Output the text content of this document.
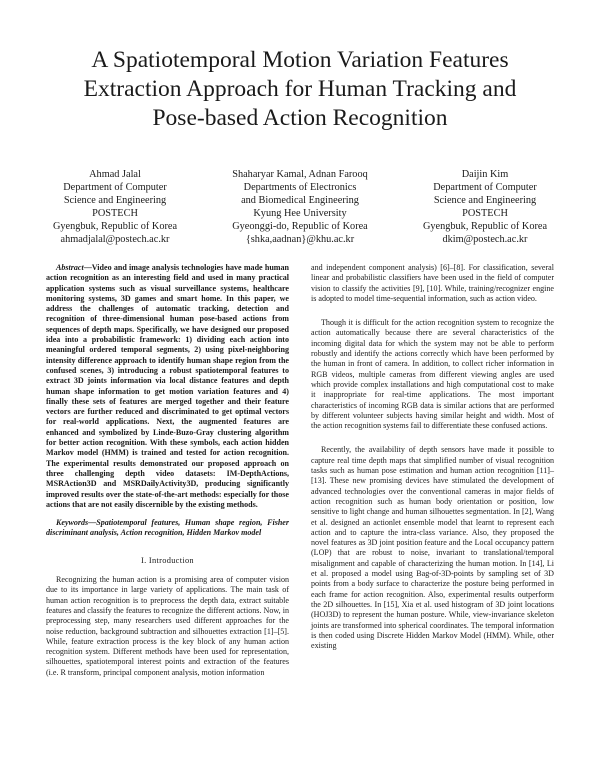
A Spatiotemporal Motion Variation Features
Extraction Approach for Human Tracking and
Pose-based Action Recognition
Ahmad Jalal
Department of Computer
Science and Engineering
POSTECH
Gyengbuk, Republic of Korea
ahmadjalal@postech.ac.kr
Shaharyar Kamal, Adnan Farooq
Departments of Electronics
and Biomedical Engineering
Kyung Hee University
Gyeonggi-do, Republic of Korea
{shka,aadnan}@khu.ac.kr
Daijin Kim
Department of Computer
Science and Engineering
POSTECH
Gyengbuk, Republic of Korea
dkim@postech.ac.kr

Abstract—Video and image analysis technologies have made human action recognition as an interesting field and used in many practical application systems such as visual surveillance systems, healthcare monitoring systems, 3D games and smart home. In this paper, we address the challenges of automatic tracking, detection and recognition of three-dimensional human pose-based actions from sequences of depth maps. Specifically, we have designed our proposed idea into a probabilistic framework: 1) dividing each action into meaningful ordered temporal segments, 2) using pixel-neighboring intensity difference approach to identify human shape region from the confused scenes, 3) introducing a robust spatiotemporal features to extract 3D joints information via local distance features and depth human shape information to get motion variation features and 4) finally these sets of features are merged together and their feature vectors are further reduced and discriminated to get optimal vectors for real-world applications. Next, the augmented features are enhanced and symbolized by Linde-Buzo-Gray clustering algorithm for better action recognition. With these symbols, each action hidden Markov model (HMM) is trained and tested for action recognition. The experimental results demonstrated our proposed approach on three challenging depth video datasets: IM-DepthActions, MSRAction3D and MSRDailyActivity3D, producing significantly improved results over the state-of-the-art methods: especially for those actions that are not easily discernible by the existing methods.

Keywords—Spatiotemporal features, Human shape region, Fisher discriminant analysis, Action recognition, Hidden Markov model

I. Introduction

Recognizing the human action is a promising area of computer vision due to its importance in large variety of applications. The main task of human action recognition is to preprocess the depth data, extract suitable features and classify the features to recognize the different actions. Now, in preprocessing step, many researchers used different approaches for the noise reduction, background subtraction and silhouettes extraction [1]–[5]. While, feature extraction process is the key block of any human action recognition system. Different methods have been used for representation, silhouettes, spatiotemporal interest points and extraction of the features (i.e. R transform, principal component analysis, motion information

and independent component analysis) [6]–[8]. For classification, several linear and probabilistic classifiers have been used in the field of computer vision to classify the activities [9], [10]. While, training/recognizer engine is adopted to model time-sequential information, such as action video.

Though it is difficult for the action recognition system to recognize the action automatically because there are several characteristics of the incoming digital data for which the system may not be able to perform robustly and identify the actions correctly which have been performed by the human in front of camera. In addition, to collect richer information in RGB videos, multiple cameras from different viewing angles are used which provide complex installations and high computational cost to make it inappropriate for real-time applications. The most important characteristics of incoming RGB data is similar actions that are performed by different volunteer subjects having similar height and width. Most of the action recognition systems fail to differentiate these confused actions.

Recently, the availability of depth sensors have made it possible to capture real time depth maps that simplified number of visual recognition tasks such as human pose estimation and human action recognition [11]–[13]. These new promising devices have stimulated the development of advanced technologies over the conventional cameras in major fields of action recognition such as human body orientation or position, low sensitive to light change and human silhouettes segmentation. In [2], Wang et al. designed an actionlet ensemble model that learnt to represent each action and to capture the intra-class variance. Also, they proposed the novel features as 3D joint position feature and the Local occupancy pattern (LOP) that are robust to noise, invariant to translational/temporal misalignment and capable of characterizing the human motion. In [14], Li et al. proposed a model using Bag-of-3D-points by sampling set of 3D points from a body surface to characterize the posture being performed in each frame for action recognition. Also, experimental results outperform the 2D silhouettes. In [15], Xia et al. used histogram of 3D joint locations (HOJ3D) to represent the human posture. While, view-invariance skeleton joints are transformed into spherical coordinates. The temporal information is then coded using Discrete Hidden Markov Model (HMM). While, other existing
